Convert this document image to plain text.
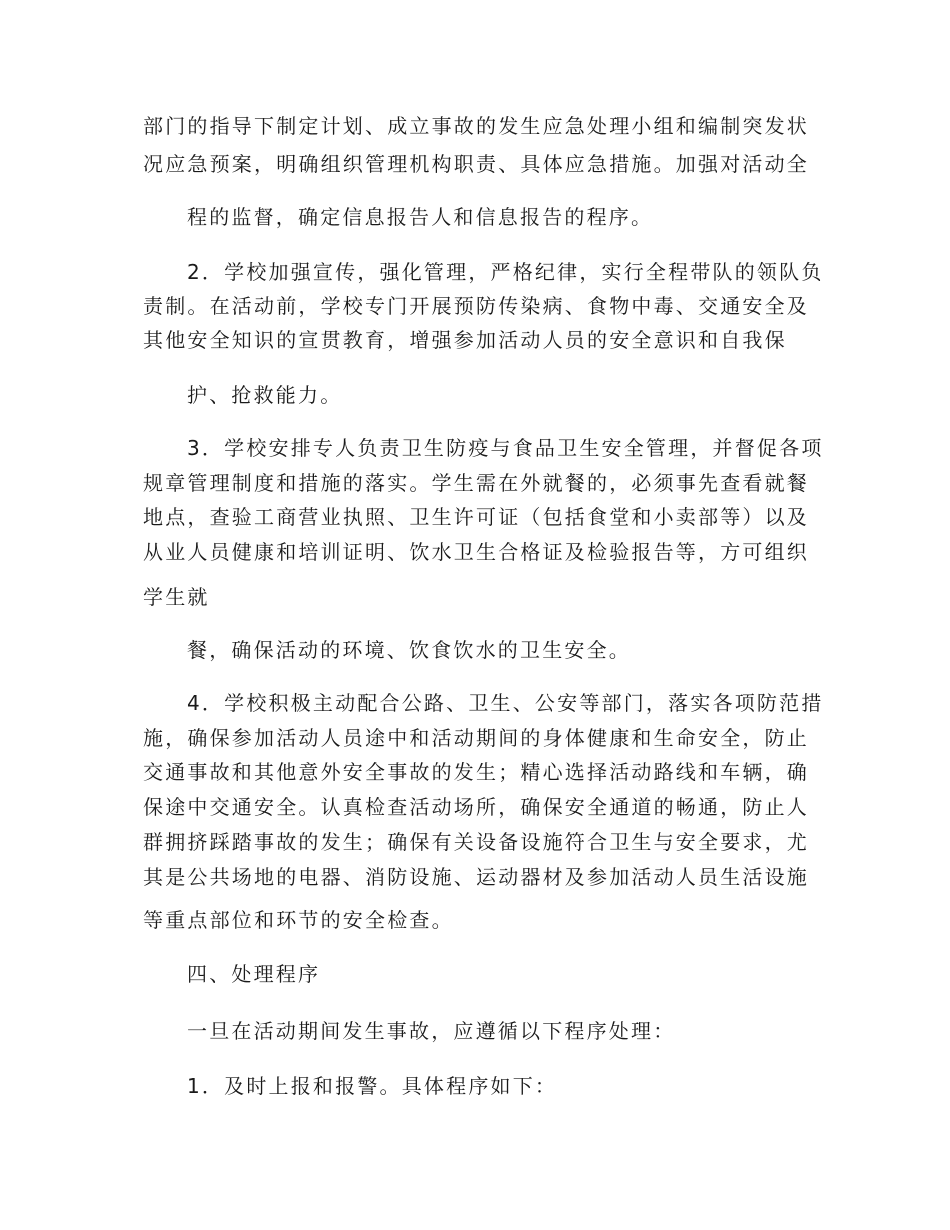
部门的指导下制定计划、成立事故的发生应急处理小组和编制突发状
况应急预案，明确组织管理机构职责、具体应急措施。加强对活动全
程的监督，确定信息报告人和信息报告的程序。
2．学校加强宣传，强化管理，严格纪律，实行全程带队的领队负
责制。在活动前，学校专门开展预防传染病、食物中毒、交通安全及
其他安全知识的宣贯教育，增强参加活动人员的安全意识和自我保
护、抢救能力。
3．学校安排专人负责卫生防疫与食品卫生安全管理，并督促各项
规章管理制度和措施的落实。学生需在外就餐的，必须事先查看就餐
地点，查验工商营业执照、卫生许可证（包括食堂和小卖部等）以及
从业人员健康和培训证明、饮水卫生合格证及检验报告等，方可组织
学生就
餐，确保活动的环境、饮食饮水的卫生安全。
4．学校积极主动配合公路、卫生、公安等部门，落实各项防范措
施，确保参加活动人员途中和活动期间的身体健康和生命安全，防止
交通事故和其他意外安全事故的发生；精心选择活动路线和车辆，确
保途中交通安全。认真检查活动场所，确保安全通道的畅通，防止人
群拥挤踩踏事故的发生；确保有关设备设施符合卫生与安全要求，尤
其是公共场地的电器、消防设施、运动器材及参加活动人员生活设施
等重点部位和环节的安全检查。
四、处理程序
一旦在活动期间发生事故，应遵循以下程序处理：
1．及时上报和报警。具体程序如下：
